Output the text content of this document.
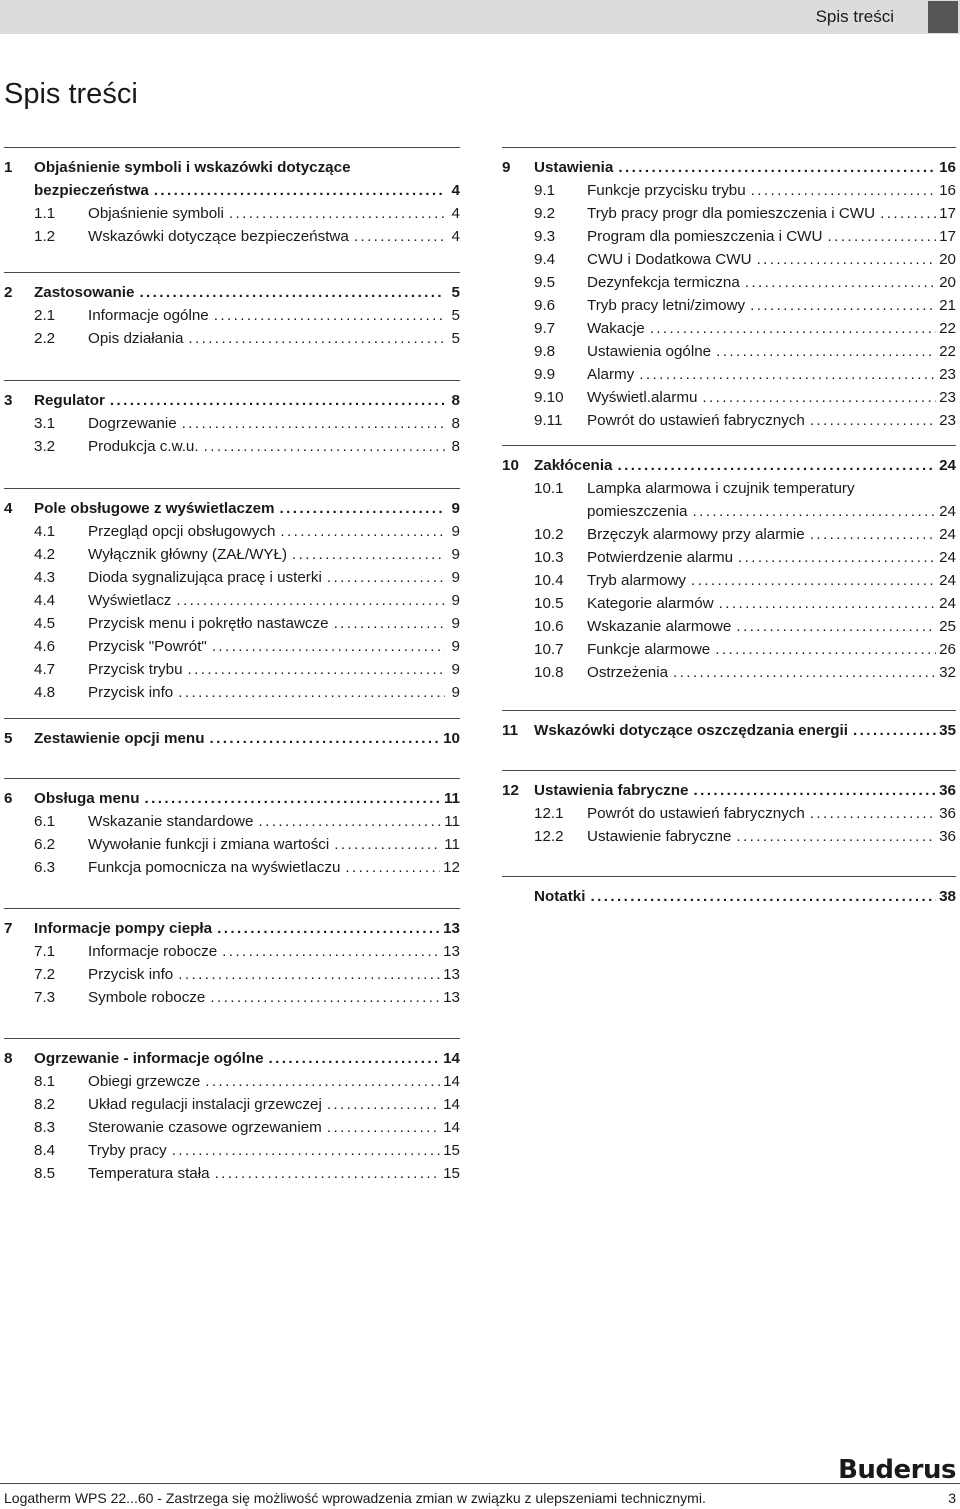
Spis treści
Spis treści
1 Objaśnienie symboli i wskazówki dotyczące
bezpieczeństwa .....	4
1.1 Objaśnienie symboli .....	4
1.2 Wskazówki dotyczące bezpieczeństwa .....	4
2 Zastosowanie .....	5
2.1 Informacje ogólne .....	5
2.2 Opis działania .....	5
3 Regulator .....	8
3.1 Dogrzewanie .....	8
3.2 Produkcja c.w.u. .....	8
4 Pole obsługowe z wyświetlaczem .....	9
4.1 Przegląd opcji obsługowych .....	9
4.2 Wyłącznik główny (ZAŁ/WYŁ) .....	9
4.3 Dioda sygnalizująca pracę i usterki .....	9
4.4 Wyświetlacz .....	9
4.5 Przycisk menu i pokrętło nastawcze .....	9
4.6 Przycisk "Powrót" .....	9
4.7 Przycisk trybu .....	9
4.8 Przycisk info .....	9
5 Zestawienie opcji menu .....	10
6 Obsługa menu .....	11
6.1 Wskazanie standardowe .....	11
6.2 Wywołanie funkcji i zmiana wartości .....	11
6.3 Funkcja pomocnicza na wyświetlaczu .....	12
7 Informacje pompy ciepła .....	13
7.1 Informacje robocze .....	13
7.2 Przycisk info .....	13
7.3 Symbole robocze .....	13
8 Ogrzewanie - informacje ogólne .....	14
8.1 Obiegi grzewcze .....	14
8.2 Układ regulacji instalacji grzewczej .....	14
8.3 Sterowanie czasowe ogrzewaniem .....	14
8.4 Tryby pracy .....	15
8.5 Temperatura stała .....	15
9 Ustawienia .....	16
9.1 Funkcje przycisku trybu .....	16
9.2 Tryb pracy progr dla pomieszczenia i CWU .....	17
9.3 Program dla pomieszczenia i CWU .....	17
9.4 CWU i Dodatkowa CWU .....	20
9.5 Dezynfekcja termiczna .....	20
9.6 Tryb pracy letni/zimowy .....	21
9.7 Wakacje .....	22
9.8 Ustawienia ogólne .....	22
9.9 Alarmy .....	23
9.10 Wyświetl.alarmu .....	23
9.11 Powrót do ustawień fabrycznych .....	23
10 Zakłócenia .....	24
10.1 Lampka alarmowa i czujnik temperatury
pomieszczenia .....	24
10.2 Brzęczyk alarmowy przy alarmie .....	24
10.3 Potwierdzenie alarmu .....	24
10.4 Tryb alarmowy .....	24
10.5 Kategorie alarmów .....	24
10.6 Wskazanie alarmowe .....	25
10.7 Funkcje alarmowe .....	26
10.8 Ostrzeżenia .....	32
11 Wskazówki dotyczące oszczędzania energii .....	35
12 Ustawienia fabryczne .....	36
12.1 Powrót do ustawień fabrycznych .....	36
12.2 Ustawienie fabryczne .....	36
Notatki .....	38
Buderus
Logatherm WPS 22...60 - Zastrzega się możliwość wprowadzenia zmian w związku z ulepszeniami technicznymi.	3
